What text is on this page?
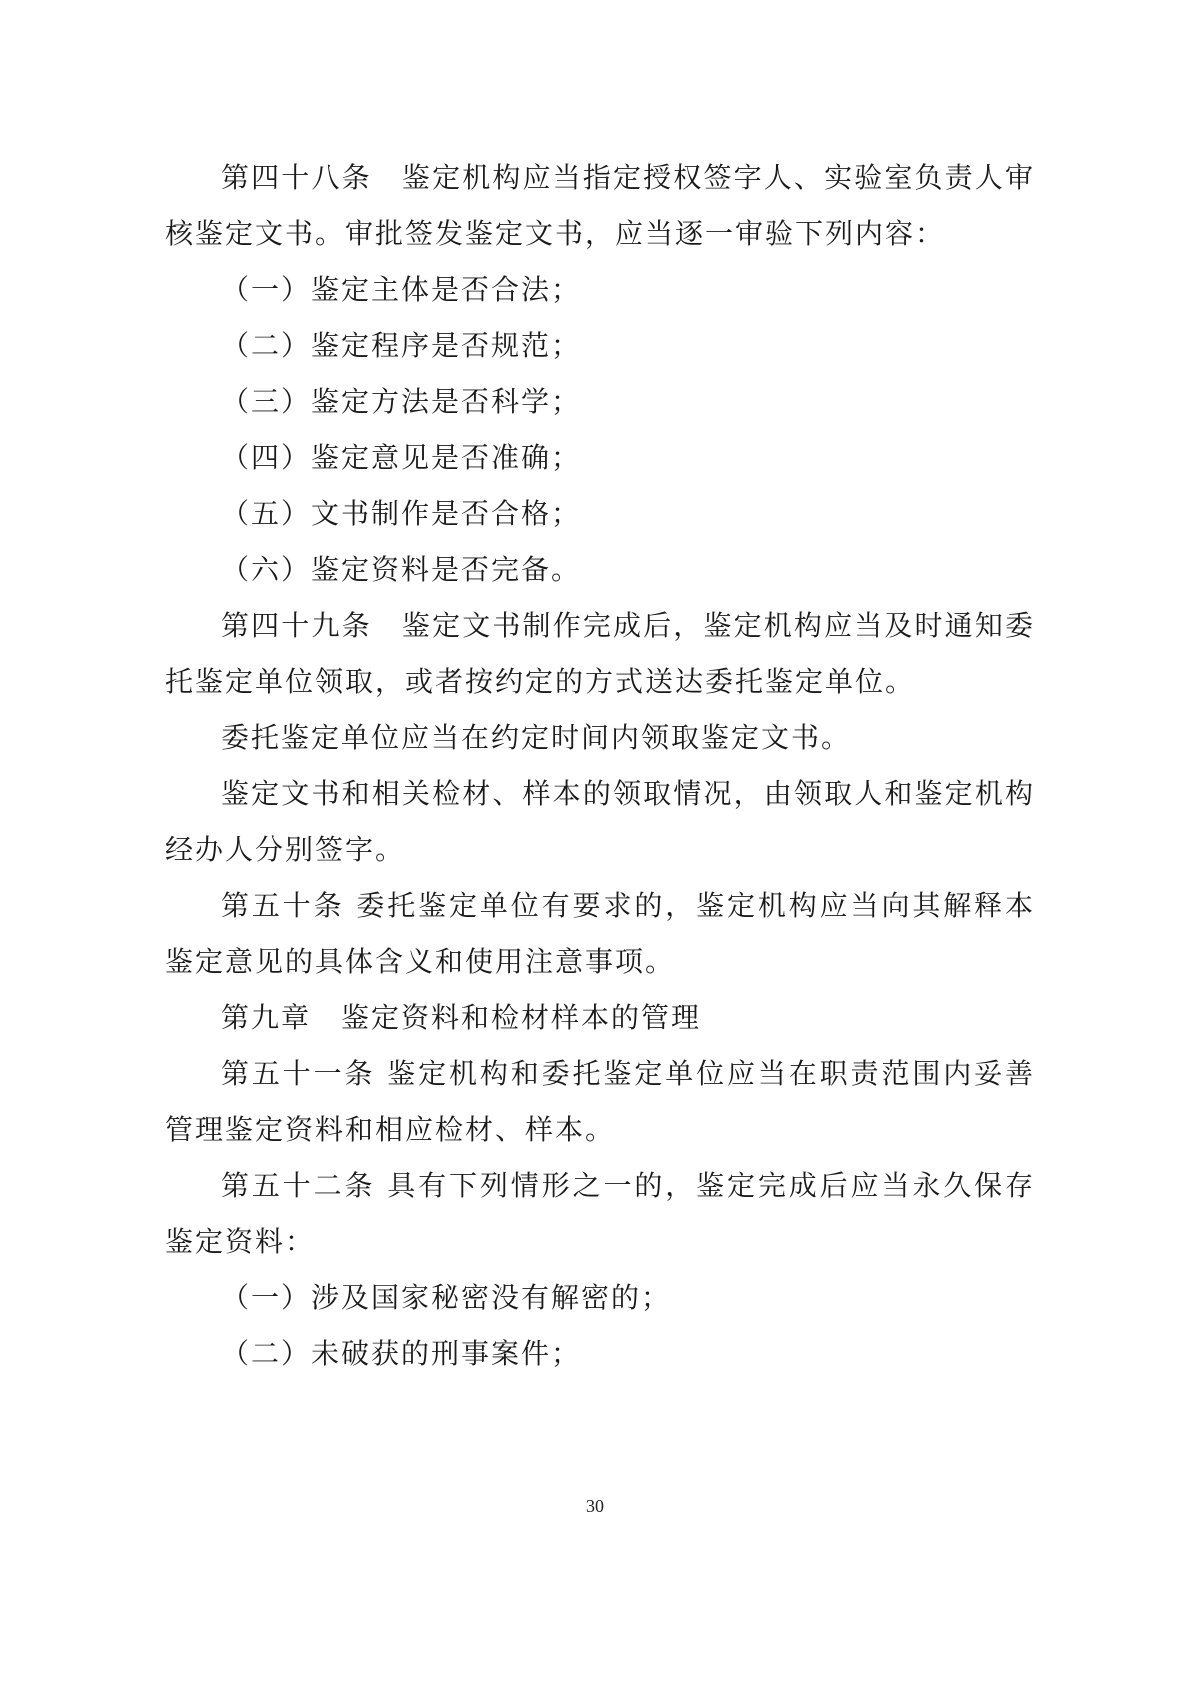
第四十八条　鉴定机构应当指定授权签字人、实验室负责人审核鉴定文书。审批签发鉴定文书，应当逐一审验下列内容：

（一）鉴定主体是否合法；

（二）鉴定程序是否规范；

（三）鉴定方法是否科学；

（四）鉴定意见是否准确；

（五）文书制作是否合格；

（六）鉴定资料是否完备。

第四十九条　鉴定文书制作完成后，鉴定机构应当及时通知委托鉴定单位领取，或者按约定的方式送达委托鉴定单位。

委托鉴定单位应当在约定时间内领取鉴定文书。

鉴定文书和相关检材、样本的领取情况，由领取人和鉴定机构经办人分别签字。

第五十条 委托鉴定单位有要求的，鉴定机构应当向其解释本鉴定意见的具体含义和使用注意事项。

第九章　鉴定资料和检材样本的管理

第五十一条 鉴定机构和委托鉴定单位应当在职责范围内妥善管理鉴定资料和相应检材、样本。

第五十二条 具有下列情形之一的，鉴定完成后应当永久保存鉴定资料：

（一）涉及国家秘密没有解密的；

（二）未破获的刑事案件；

30
